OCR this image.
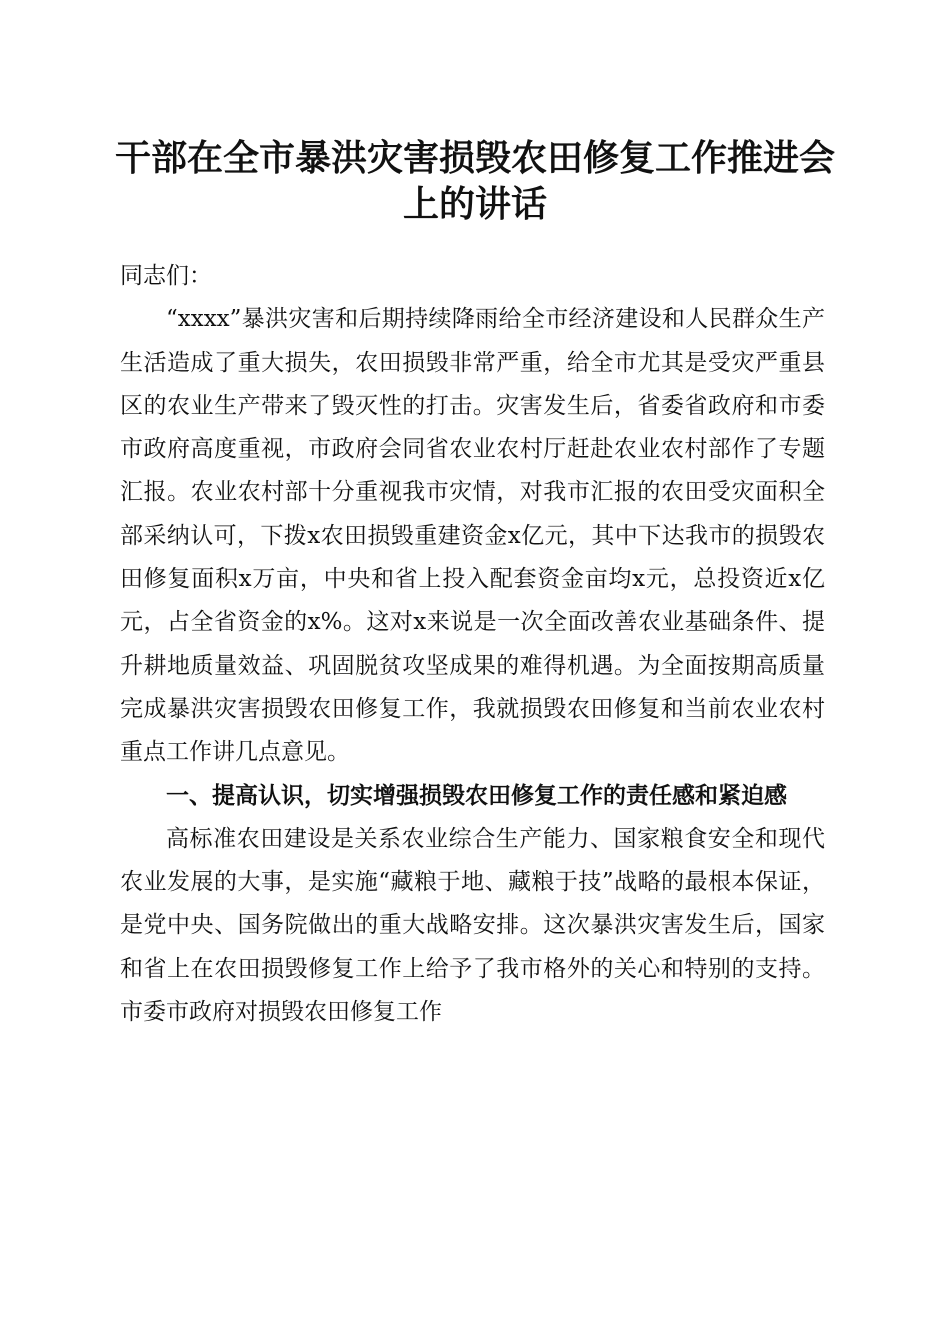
干部在全市暴洪灾害损毁农田修复工作推进会
上的讲话

同志们：

“xxxx”暴洪灾害和后期持续降雨给全市经济建设和人民群众生产生活造成了重大损失，农田损毁非常严重，给全市尤其是受灾严重县区的农业生产带来了毁灭性的打击。灾害发生后，省委省政府和市委市政府高度重视，市政府会同省农业农村厅赶赴农业农村部作了专题汇报。农业农村部十分重视我市灾情，对我市汇报的农田受灾面积全部采纳认可，下拨x农田损毁重建资金x亿元，其中下达我市的损毁农田修复面积x万亩，中央和省上投入配套资金亩均x元，总投资近x亿元，占全省资金的x%。这对x来说是一次全面改善农业基础条件、提升耕地质量效益、巩固脱贫攻坚成果的难得机遇。为全面按期高质量完成暴洪灾害损毁农田修复工作，我就损毁农田修复和当前农业农村重点工作讲几点意见。

一、提高认识，切实增强损毁农田修复工作的责任感和紧迫感

高标准农田建设是关系农业综合生产能力、国家粮食安全和现代农业发展的大事，是实施“藏粮于地、藏粮于技”战略的最根本保证，是党中央、国务院做出的重大战略安排。这次暴洪灾害发生后，国家和省上在农田损毁修复工作上给予了我市格外的关心和特别的支持。市委市政府对损毁农田修复工作
